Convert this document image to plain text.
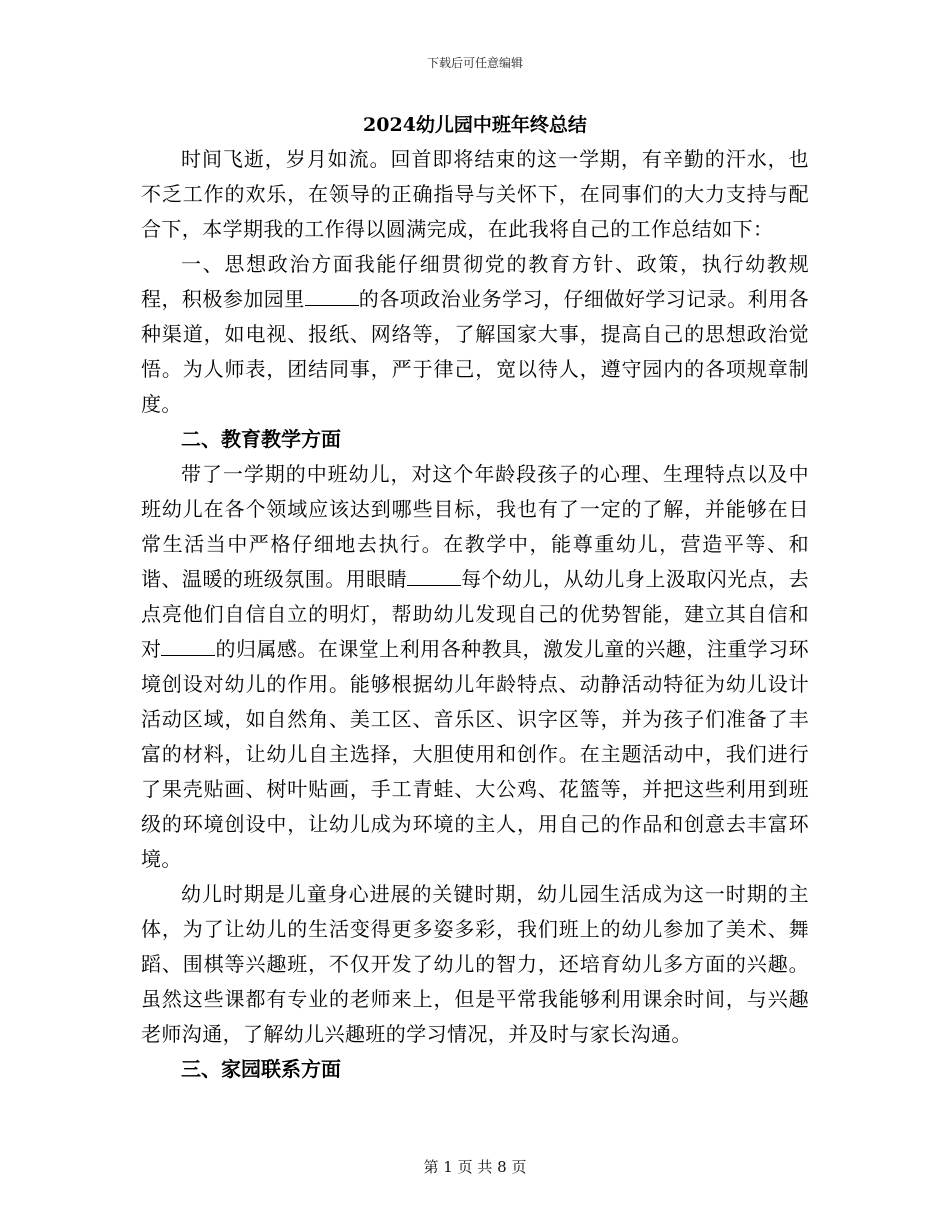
下载后可任意编辑
2024幼儿园中班年终总结

时间飞逝，岁月如流。回首即将结束的这一学期，有辛勤的汗水，也不乏工作的欢乐，在领导的正确指导与关怀下，在同事们的大力支持与配合下，本学期我的工作得以圆满完成，在此我将自己的工作总结如下：

一、思想政治方面我能仔细贯彻党的教育方针、政策，执行幼教规程，积极参加园里	的各项政治业务学习，仔细做好学习记录。利用各种渠道，如电视、报纸、网络等，了解国家大事，提高自己的思想政治觉悟。为人师表，团结同事，严于律己，宽以待人，遵守园内的各项规章制度。

二、教育教学方面

带了一学期的中班幼儿，对这个年龄段孩子的心理、生理特点以及中班幼儿在各个领域应该达到哪些目标，我也有了一定的了解，并能够在日常生活当中严格仔细地去执行。在教学中，能尊重幼儿，营造平等、和谐、温暖的班级氛围。用眼睛	每个幼儿，从幼儿身上汲取闪光点，去点亮他们自信自立的明灯，帮助幼儿发现自己的优势智能，建立其自信和对	的归属感。在课堂上利用各种教具，激发儿童的兴趣，注重学习环境创设对幼儿的作用。能够根据幼儿年龄特点、动静活动特征为幼儿设计活动区域，如自然角、美工区、音乐区、识字区等，并为孩子们准备了丰富的材料，让幼儿自主选择，大胆使用和创作。在主题活动中，我们进行了果壳贴画、树叶贴画，手工青蛙、大公鸡、花篮等，并把这些利用到班级的环境创设中，让幼儿成为环境的主人，用自己的作品和创意去丰富环境。

幼儿时期是儿童身心进展的关键时期，幼儿园生活成为这一时期的主体，为了让幼儿的生活变得更多姿多彩，我们班上的幼儿参加了美术、舞蹈、围棋等兴趣班，不仅开发了幼儿的智力，还培育幼儿多方面的兴趣。虽然这些课都有专业的老师来上，但是平常我能够利用课余时间，与兴趣老师沟通，了解幼儿兴趣班的学习情况，并及时与家长沟通。

三、家园联系方面

第 1 页 共 8 页
